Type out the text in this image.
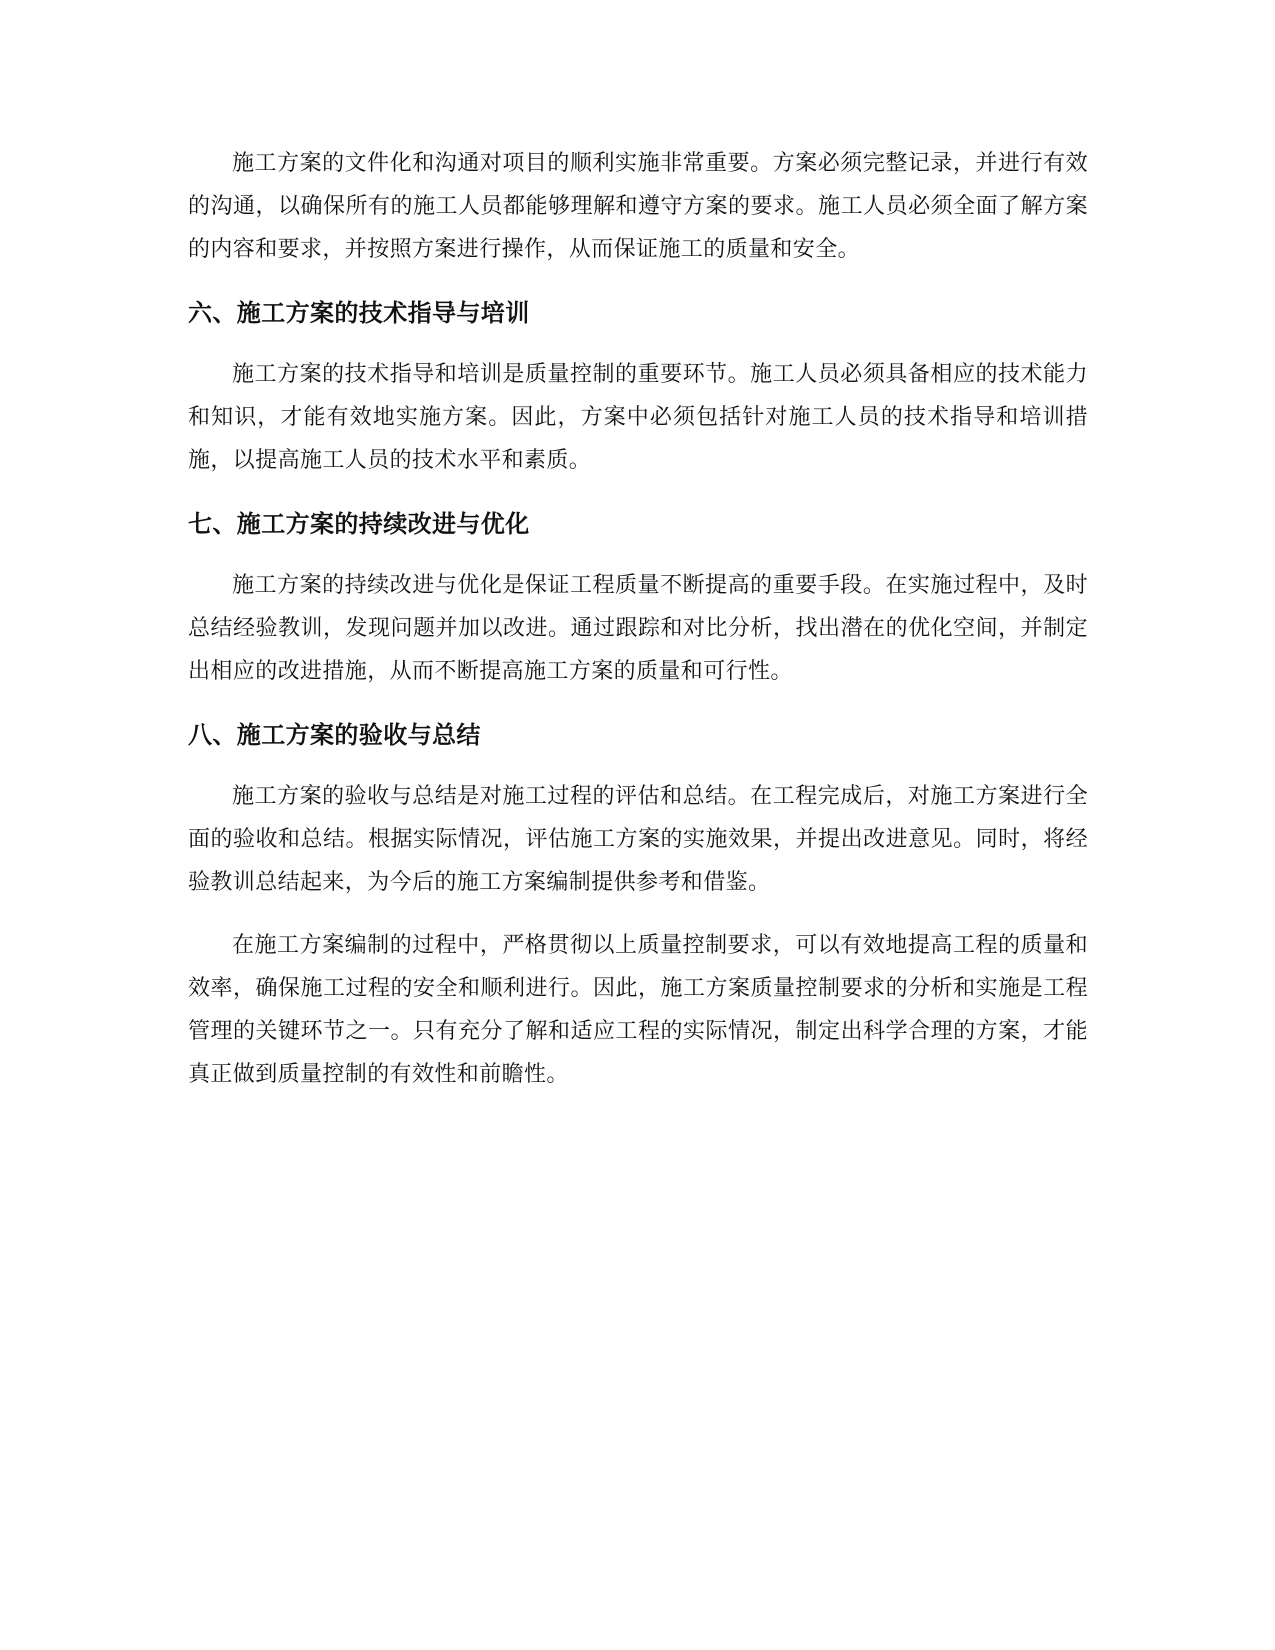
施工方案的文件化和沟通对项目的顺利实施非常重要。方案必须完整记录，并进行有效的沟通，以确保所有的施工人员都能够理解和遵守方案的要求。施工人员必须全面了解方案的内容和要求，并按照方案进行操作，从而保证施工的质量和安全。

六、施工方案的技术指导与培训

施工方案的技术指导和培训是质量控制的重要环节。施工人员必须具备相应的技术能力和知识，才能有效地实施方案。因此，方案中必须包括针对施工人员的技术指导和培训措施，以提高施工人员的技术水平和素质。

七、施工方案的持续改进与优化

施工方案的持续改进与优化是保证工程质量不断提高的重要手段。在实施过程中，及时总结经验教训，发现问题并加以改进。通过跟踪和对比分析，找出潜在的优化空间，并制定出相应的改进措施，从而不断提高施工方案的质量和可行性。

八、施工方案的验收与总结

施工方案的验收与总结是对施工过程的评估和总结。在工程完成后，对施工方案进行全面的验收和总结。根据实际情况，评估施工方案的实施效果，并提出改进意见。同时，将经验教训总结起来，为今后的施工方案编制提供参考和借鉴。

在施工方案编制的过程中，严格贯彻以上质量控制要求，可以有效地提高工程的质量和效率，确保施工过程的安全和顺利进行。因此，施工方案质量控制要求的分析和实施是工程管理的关键环节之一。只有充分了解和适应工程的实际情况，制定出科学合理的方案，才能真正做到质量控制的有效性和前瞻性。
